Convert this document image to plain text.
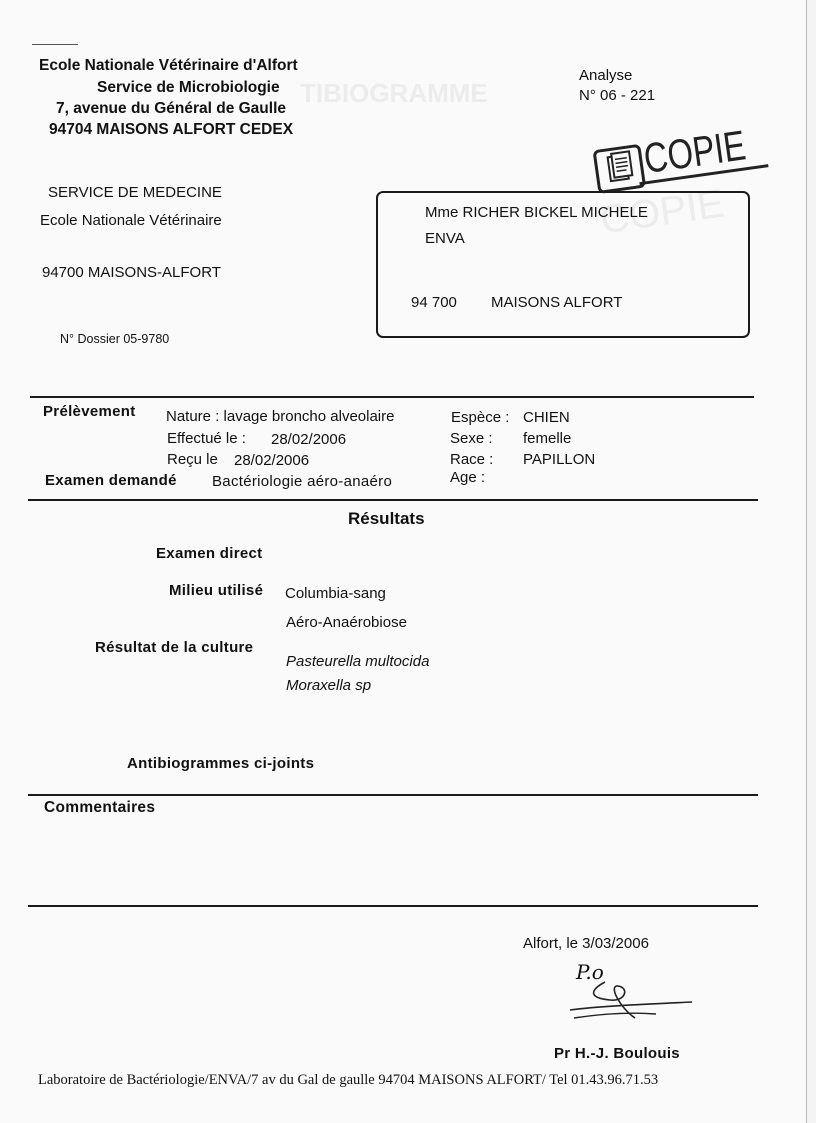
TIBIOGRAMME
COPIE
Ecole Nationale Vétérinaire d'Alfort
Service de Microbiologie
7, avenue du Général de Gaulle
94704 MAISONS ALFORT CEDEX
Analyse
N° 06 - 221
COPIE
SERVICE DE MEDECINE
Ecole Nationale Vétérinaire
94700 MAISONS-ALFORT
N° Dossier 05-9780
Mme RICHER BICKEL MICHELE
ENVA
94 700 MAISONS ALFORT
Prélèvement Nature : lavage broncho alveolaire
Effectué le : 28/02/2006
Reçu le 28/02/2006
Examen demandé Bactériologie aéro-anaéro
Espèce : CHIEN
Sexe : femelle
Race : PAPILLON
Age :
Résultats
Examen direct
Milieu utilisé Columbia-sang
Aéro-Anaérobiose
Résultat de la culture
Pasteurella multocida
Moraxella sp
Antibiogrammes ci-joints
Commentaires
Alfort, le 3/03/2006
P.o
Pr H.-J. Boulouis
Laboratoire de Bactériologie/ENVA/7 av du Gal de gaulle 94704 MAISONS ALFORT/ Tel 01.43.96.71.53
